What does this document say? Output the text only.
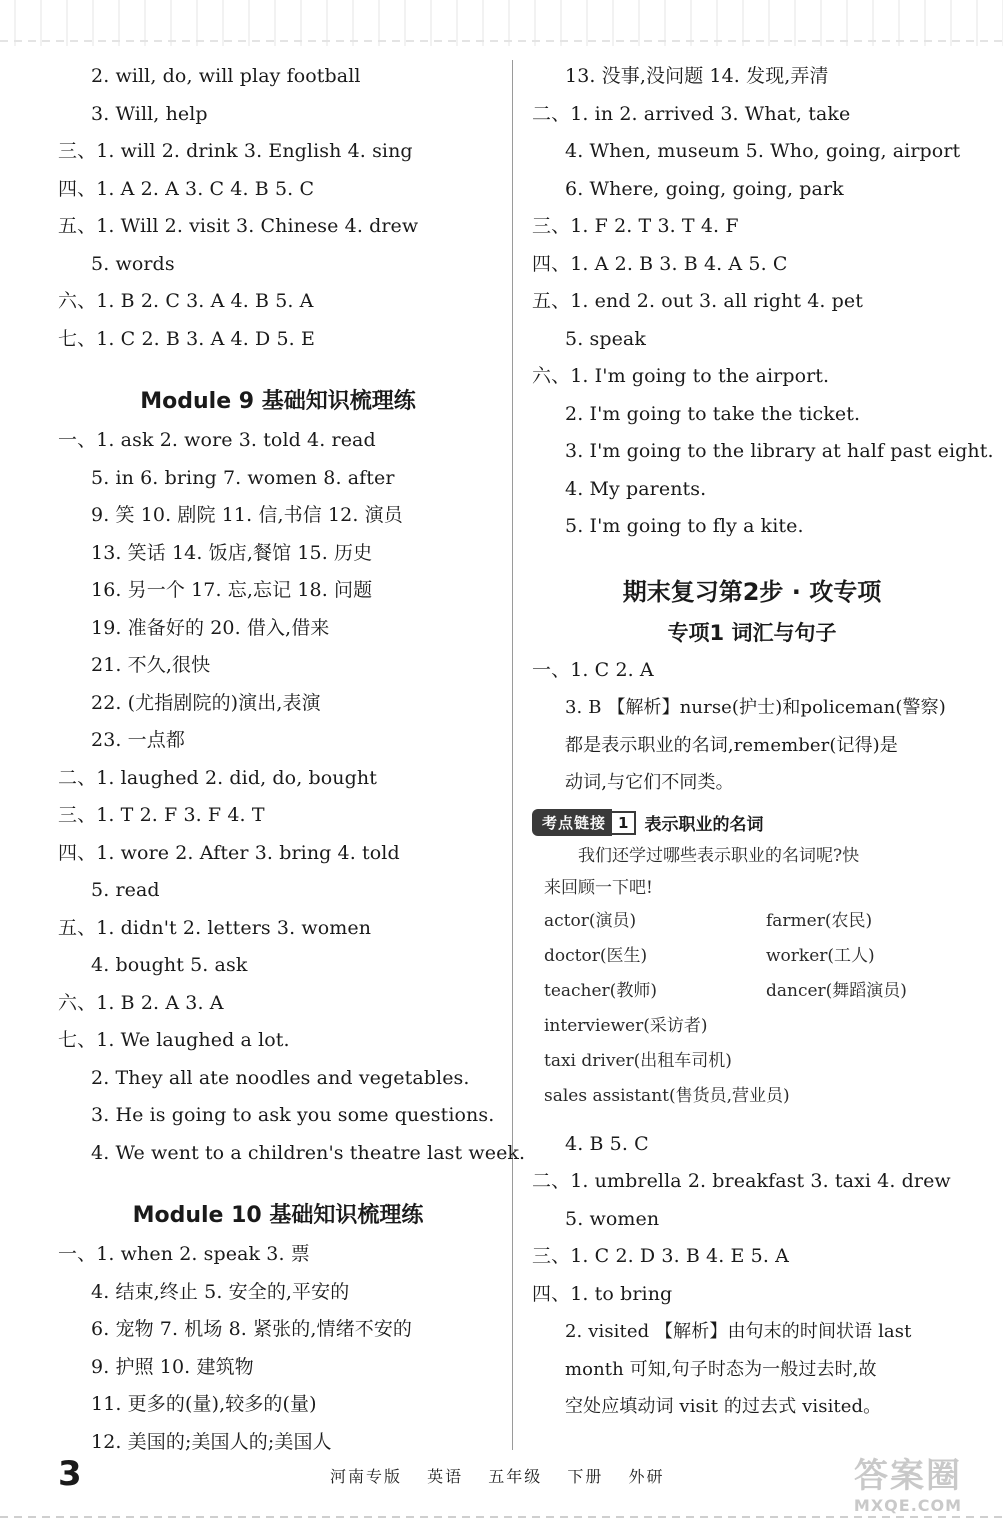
2. will, do, will play football
3. Will, help
三、1. will 2. drink 3. English 4. sing
四、1. A 2. A 3. C 4. B 5. C
五、1. Will 2. visit 3. Chinese 4. drew
5. words
六、1. B 2. C 3. A 4. B 5. A
七、1. C 2. B 3. A 4. D 5. E
Module 9 基础知识梳理练
一、1. ask 2. wore 3. told 4. read
5. in 6. bring 7. women 8. after
9. 笑 10. 剧院 11. 信,书信 12. 演员
13. 笑话 14. 饭店,餐馆 15. 历史
16. 另一个 17. 忘,忘记 18. 问题
19. 准备好的 20. 借入,借来
21. 不久,很快
22. (尤指剧院的)演出,表演
23. 一点都
二、1. laughed 2. did, do, bought
三、1. T 2. F 3. F 4. T
四、1. wore 2. After 3. bring 4. told
5. read
五、1. didn't 2. letters 3. women
4. bought 5. ask
六、1. B 2. A 3. A
七、1. We laughed a lot.
2. They all ate noodles and vegetables.
3. He is going to ask you some questions.
4. We went to a children's theatre last week.
Module 10 基础知识梳理练
一、1. when 2. speak 3. 票
4. 结束,终止 5. 安全的,平安的
6. 宠物 7. 机场 8. 紧张的,情绪不安的
9. 护照 10. 建筑物
11. 更多的(量),较多的(量)
12. 美国的;美国人的;美国人
13. 没事,没问题 14. 发现,弄清
二、1. in 2. arrived 3. What, take
4. When, museum 5. Who, going, airport
6. Where, going, going, park
三、1. F 2. T 3. T 4. F
四、1. A 2. B 3. B 4. A 5. C
五、1. end 2. out 3. all right 4. pet
5. speak
六、1. I'm going to the airport.
2. I'm going to take the ticket.
3. I'm going to the library at half past eight.
4. My parents.
5. I'm going to fly a kite.
期末复习第2步 · 攻专项
专项1 词汇与句子
一、1. C 2. A
3. B 【解析】nurse(护士)和policeman(警察)
都是表示职业的名词,remember(记得)是
动词,与它们不同类。
考点链接 1 表示职业的名词
我们还学过哪些表示职业的名词呢?快
来回顾一下吧!
actor(演员)	farmer(农民)
doctor(医生)	worker(工人)
teacher(教师)	dancer(舞蹈演员)
interviewer(采访者)
taxi driver(出租车司机)
sales assistant(售货员,营业员)
4. B 5. C
二、1. umbrella 2. breakfast 3. taxi 4. drew
5. women
三、1. C 2. D 3. B 4. E 5. A
四、1. to bring
2. visited 【解析】由句末的时间状语 last
month 可知,句子时态为一般过去时,故
空处应填动词 visit 的过去式 visited。
3	河南专版 英语 五年级 下册 外研	答案圈
MXQE.COM
